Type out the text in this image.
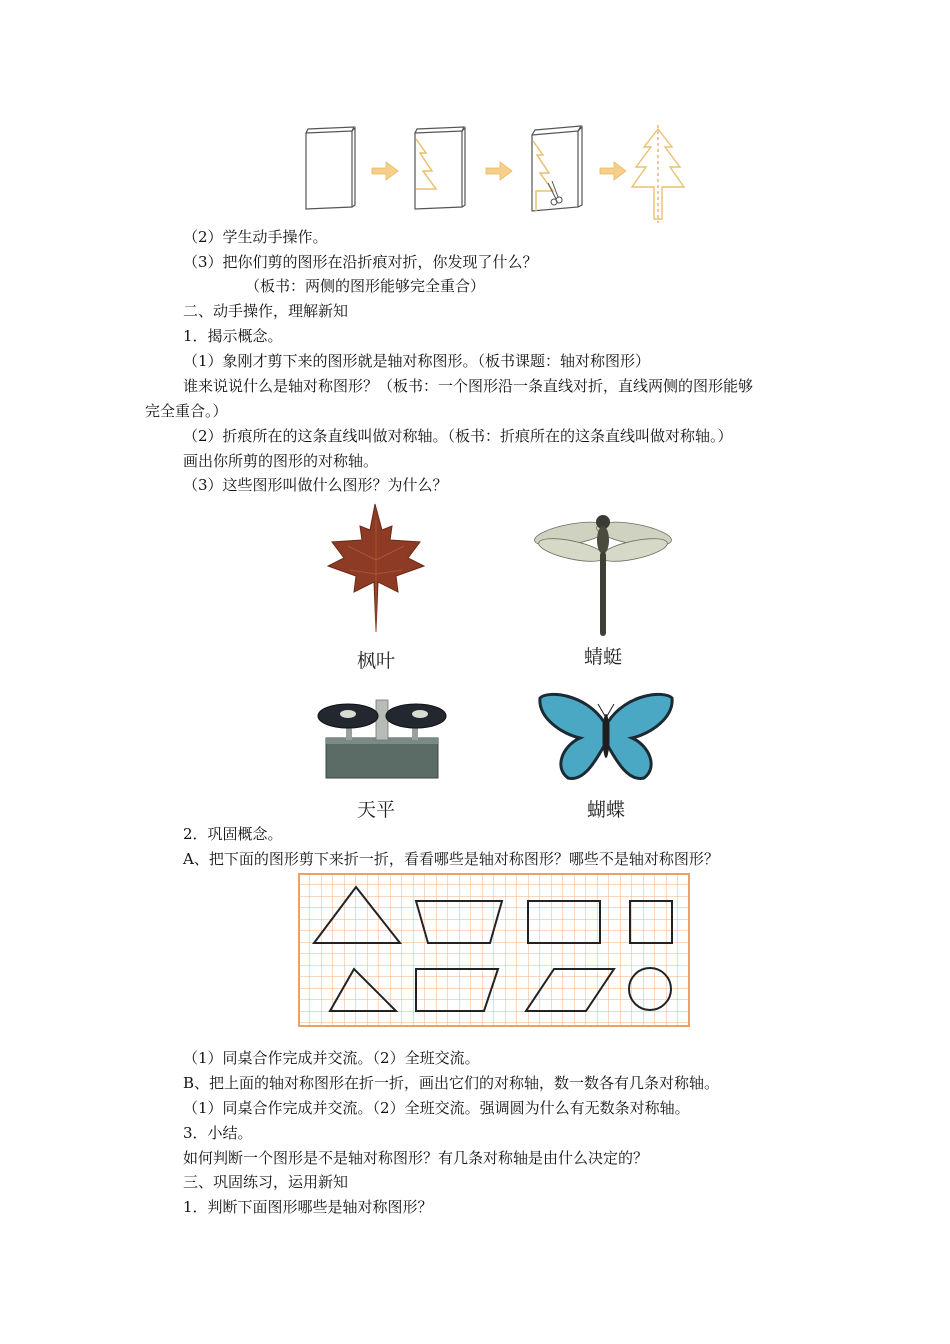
（2）学生动手操作。
（3）把你们剪的图形在沿折痕对折，你发现了什么？
（板书：两侧的图形能够完全重合）
二、动手操作，理解新知
1．揭示概念。
（1）象刚才剪下来的图形就是轴对称图形。（板书课题：轴对称图形）
谁来说说什么是轴对称图形？（板书：一个图形沿一条直线对折，直线两侧的图形能够
完全重合。）
（2）折痕所在的这条直线叫做对称轴。（板书：折痕所在的这条直线叫做对称轴。）
画出你所剪的图形的对称轴。
（3）这些图形叫做什么图形？为什么？
枫叶	蜻蜓
天平	蝴蝶
2．巩固概念。
A、把下面的图形剪下来折一折，看看哪些是轴对称图形？哪些不是轴对称图形？
（1）同桌合作完成并交流。（2）全班交流。
B、把上面的轴对称图形在折一折，画出它们的对称轴，数一数各有几条对称轴。
（1）同桌合作完成并交流。（2）全班交流。强调圆为什么有无数条对称轴。
3．小结。
如何判断一个图形是不是轴对称图形？有几条对称轴是由什么决定的？
三、巩固练习，运用新知
1．判断下面图形哪些是轴对称图形？
